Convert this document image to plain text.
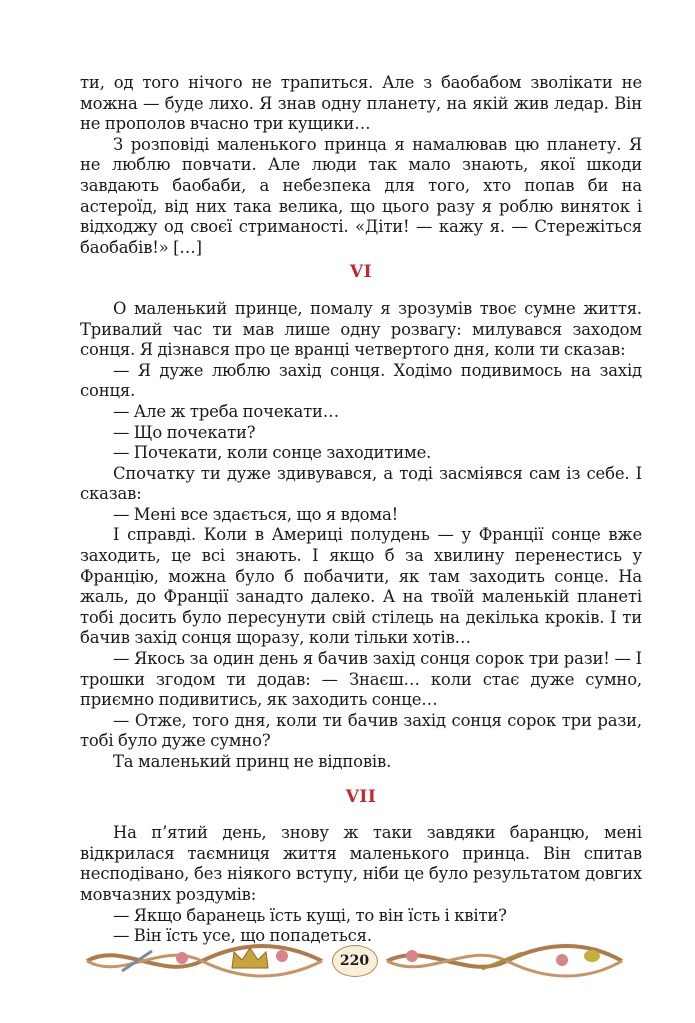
ти, од того нічого не трапиться. Але з баобабом зволікати не можна — буде лихо. Я знав одну планету, на якій жив ледар. Він не прополов вчасно три кущики…

З розповіді маленького принца я намалював цю планету. Я не люблю повчати. Але люди так мало знають, якої шкоди завдають баобаби, а небезпека для того, хто попав би на астероїд, від них така велика, що цього разу я роблю виняток і відходжу од своєї стриманості. «Діти! — кажу я. — Стережіться баобабів!» […]

VI

О маленький принце, помалу я зрозумів твоє сумне життя. Тривалий час ти мав лише одну розвагу: милувався заходом сонця. Я дізнався про це вранці четвертого дня, коли ти сказав:

— Я дуже люблю захід сонця. Ходімо подивимось на захід сонця.

— Але ж треба почекати…

— Що почекати?

— Почекати, коли сонце заходитиме.

Спочатку ти дуже здивувався, а тоді засміявся сам із себе. І сказав:

— Мені все здається, що я вдома!

І справді. Коли в Америці полудень — у Франції сонце вже заходить, це всі знають. І якщо б за хвилину перенестись у Францію, можна було б побачити, як там заходить сонце. На жаль, до Франції занадто далеко. А на твоїй маленькій планеті тобі досить було пересунути свій стілець на декілька кроків. І ти бачив захід сонця щоразу, коли тільки хотів…

— Якось за один день я бачив захід сонця сорок три рази! — І трошки згодом ти додав: — Знаєш… коли стає дуже сумно, приємно подивитись, як заходить сонце…

— Отже, того дня, коли ти бачив захід сонця сорок три рази, тобі було дуже сумно?

Та маленький принц не відповів.

VII

На п’ятий день, знову ж таки завдяки баранцю, мені відкрилася таємниця життя маленького принца. Він спитав несподівано, без ніякого вступу, ніби це було результатом довгих мовчазних роздумів:

— Якщо баранець їсть кущі, то він їсть і квіти?

— Він їсть усе, що попадеться.

220
